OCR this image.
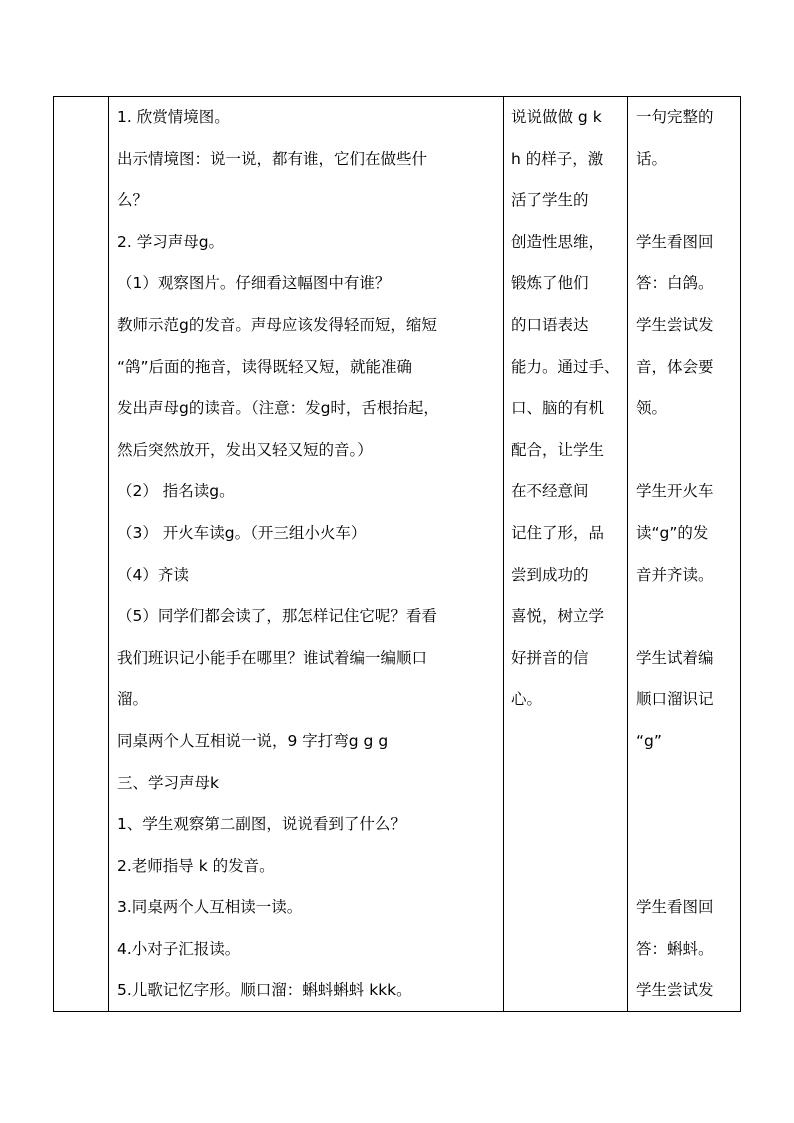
1. 欣赏情境图。
出示情境图：说一说，都有谁，它们在做些什
么？
2. 学习声母g。
（1）观察图片。仔细看这幅图中有谁？
教师示范g的发音。声母应该发得轻而短，缩短
“鸽”后面的拖音，读得既轻又短，就能准确
发出声母g的读音。（注意：发g时，舌根抬起，
然后突然放开，发出又轻又短的音。）
（2） 指名读g。
（3） 开火车读g。（开三组小火车）
（4）齐读
（5）同学们都会读了，那怎样记住它呢？看看
我们班识记小能手在哪里？谁试着编一编顺口
溜。
同桌两个人互相说一说，9 字打弯g g g
三、学习声母k
1、学生观察第二副图，说说看到了什么？
2.老师指导 k 的发音。
3.同桌两个人互相读一读。
4.小对子汇报读。
5.儿歌记忆字形。顺口溜：蝌蚪蝌蚪 kkk。
说说做做 g k
h 的样子，激
活了学生的
创造性思维，
锻炼了他们
的口语表达
能力。通过手、
口、脑的有机
配合，让学生
在不经意间
记住了形，品
尝到成功的
喜悦，树立学
好拼音的信
心。
一句完整的
话。
学生看图回
答：白鸽。
学生尝试发
音，体会要
领。
学生开火车
读“g”的发
音并齐读。
学生试着编
顺口溜识记
“g”
学生看图回
答：蝌蚪。
学生尝试发
